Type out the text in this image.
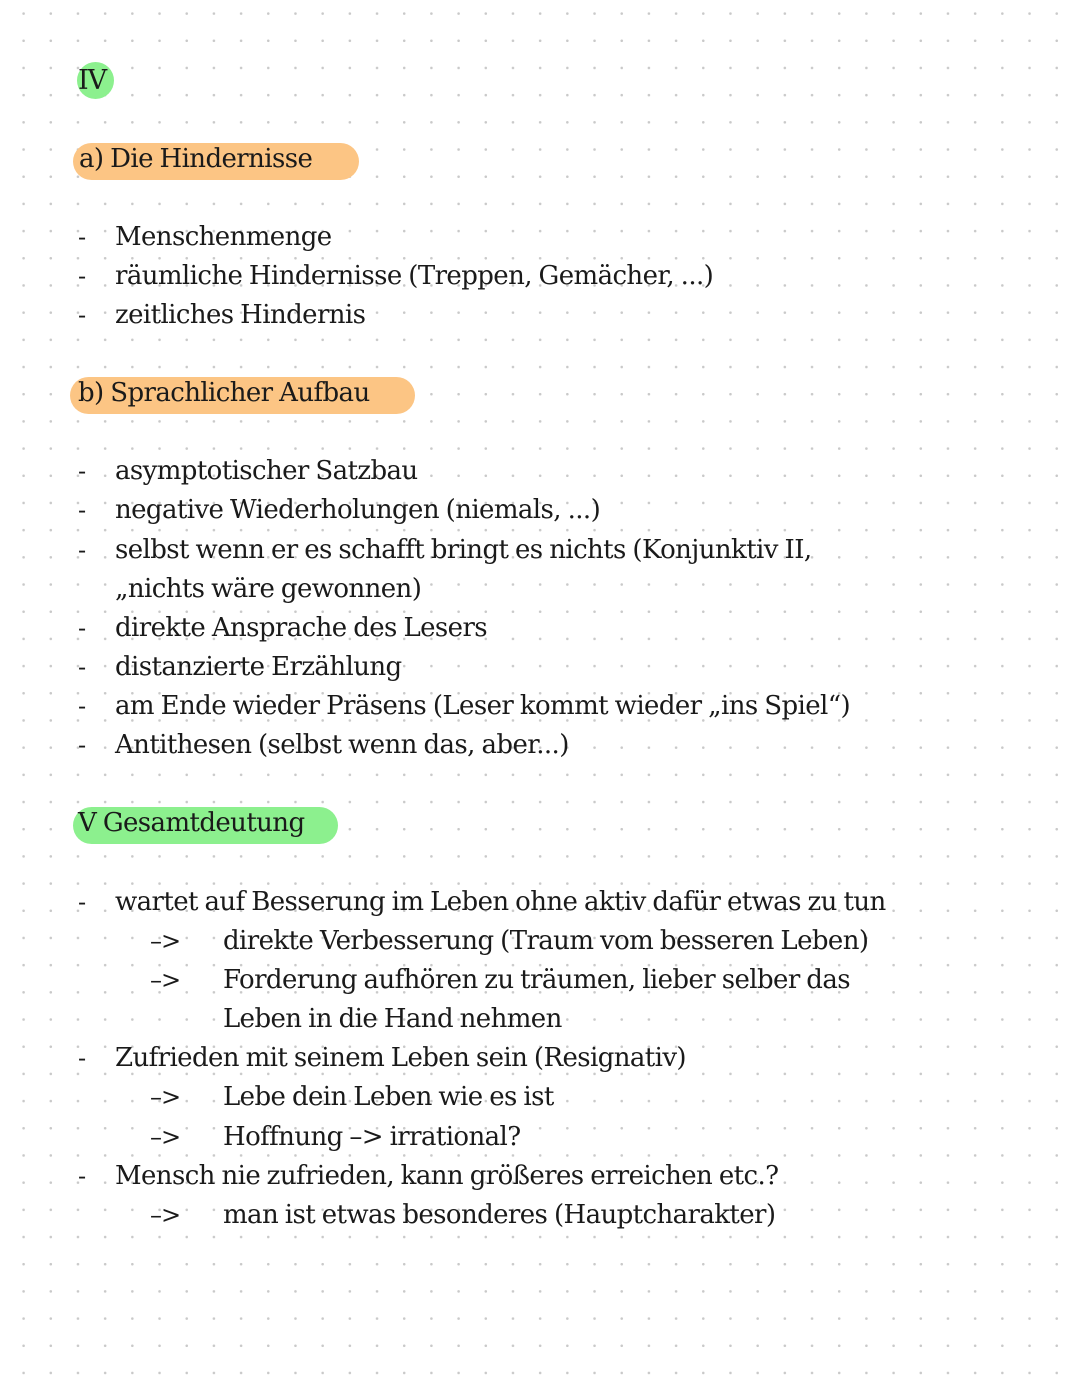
IV
a) Die Hindernisse
- Menschenmenge
- räumliche Hindernisse (Treppen, Gemächer, ...)
- zeitliches Hindernis
b) Sprachlicher Aufbau
- asymptotischer Satzbau
- negative Wiederholungen (niemals, ...)
- selbst wenn er es schafft bringt es nichts (Konjunktiv II,
„nichts wäre gewonnen)
- direkte Ansprache des Lesers
- distanzierte Erzählung
- am Ende wieder Präsens (Leser kommt wieder „ins Spiel“)
- Antithesen (selbst wenn das, aber...)
V Gesamtdeutung
- wartet auf Besserung im Leben ohne aktiv dafür etwas zu tun
–> direkte Verbesserung (Traum vom besseren Leben)
–> Forderung aufhören zu träumen, lieber selber das
Leben in die Hand nehmen
- Zufrieden mit seinem Leben sein (Resignativ)
–> Lebe dein Leben wie es ist
–> Hoffnung –> irrational?
- Mensch nie zufrieden, kann größeres erreichen etc.?
–> man ist etwas besonderes (Hauptcharakter)
